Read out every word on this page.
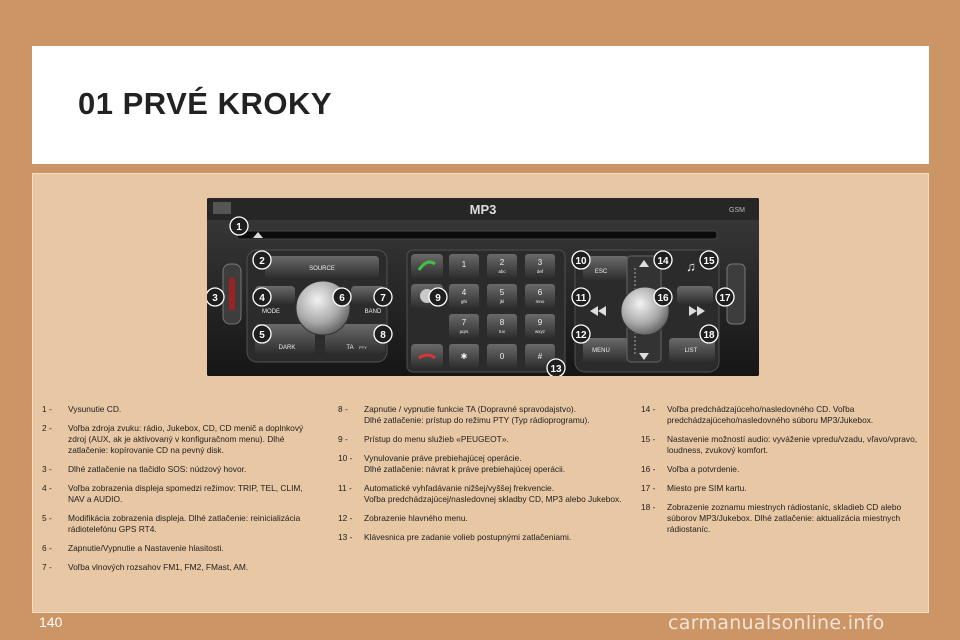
01 PRVÉ KROKY
MP3	GSM
SOURCE
MODE	BAND
DARK	TA PTY
1	2
abc
3
def
4
ghi
5
jkl
6
mno
7
pqrs
8
tuv
9
wxyz
✱	0	#
ESC
MENU	LIST
♫
1
2
3	4
5
6	7
8
9
10
11
12
13
14	15
16	17
18
1 - Vysunutie CD.
2 - Voľba zdroja zvuku: rádio, Jukebox, CD, CD menič a doplnkový zdroj (AUX, ak je aktivovaný v konfiguračnom menu). Dlhé zatlačenie: kopírovanie CD na pevný disk.
3 - Dlhé zatlačenie na tlačidlo SOS: núdzový hovor.
4 - Voľba zobrazenia displeja spomedzi režimov: TRIP, TEL, CLIM, NAV a AUDIO.
5 - Modifikácia zobrazenia displeja. Dlhé zatlačenie: reinicializácia rádiotelefónu GPS RT4.
6 - Zapnutie/Vypnutie a Nastavenie hlasitosti.
7 - Voľba vlnových rozsahov FM1, FM2, FMast, AM.
8 - Zapnutie / vypnutie funkcie TA (Dopravné spravodajstvo).
Dlhé zatlačenie: prístup do režimu PTY (Typ rádioprogramu).
9 - Prístup do menu služieb «PEUGEOT».
10 - Vynulovanie práve prebiehajúcej operácie.
Dlhé zatlačenie: návrat k práve prebiehajúcej operácii.
11 - Automatické vyhľadávanie nižšej/vyššej frekvencie.
Voľba predchádzajúcej/nasledovnej skladby CD, MP3 alebo Jukebox.
12 - Zobrazenie hlavného menu.
13 - Klávesnica pre zadanie volieb postupnými zatlačeniami.
14 - Voľba predchádzajúceho/nasledovného CD. Voľba predchádzajúceho/nasledovného súboru MP3/Jukebox.
15 - Nastavenie možností audio: vyváženie vpredu/vzadu, vľavo/vpravo, loudness, zvukový komfort.
16 - Voľba a potvrdenie.
17 - Miesto pre SIM kartu.
18 - Zobrazenie zoznamu miestnych rádiostaníc, skladieb CD alebo súborov MP3/Jukebox. Dlhé zatlačenie: aktualizácia miestnych rádiostaníc.
140	carmanualsonline.info
